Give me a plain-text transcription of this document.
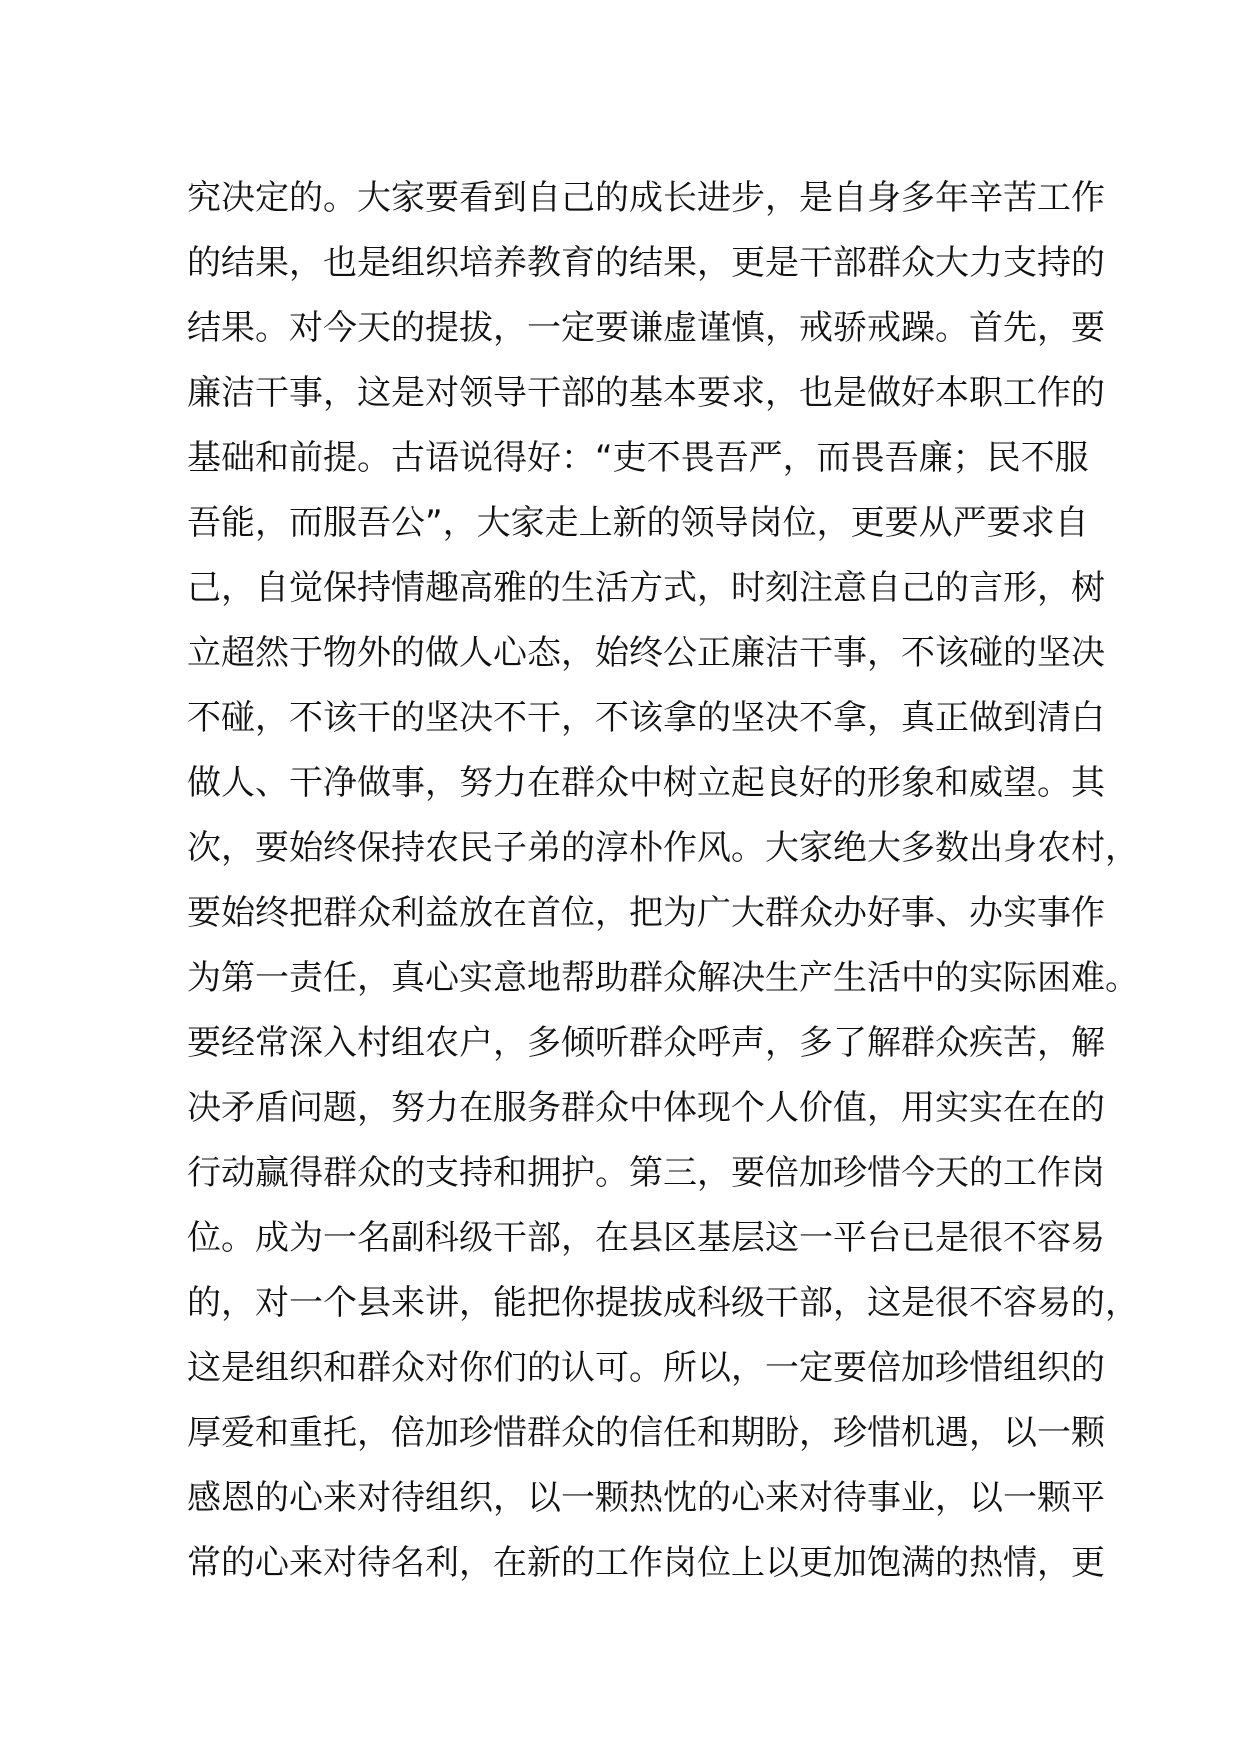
究决定的。大家要看到自己的成长进步，是自身多年辛苦工作
的结果，也是组织培养教育的结果，更是干部群众大力支持的
结果。对今天的提拔，一定要谦虚谨慎，戒骄戒躁。首先，要
廉洁干事，这是对领导干部的基本要求，也是做好本职工作的
基础和前提。古语说得好：“吏不畏吾严，而畏吾廉；民不服
吾能，而服吾公”，大家走上新的领导岗位，更要从严要求自
己，自觉保持情趣高雅的生活方式，时刻注意自己的言形，树
立超然于物外的做人心态，始终公正廉洁干事，不该碰的坚决
不碰，不该干的坚决不干，不该拿的坚决不拿，真正做到清白
做人、干净做事，努力在群众中树立起良好的形象和威望。其
次，要始终保持农民子弟的淳朴作风。大家绝大多数出身农村，
要始终把群众利益放在首位，把为广大群众办好事、办实事作
为第一责任，真心实意地帮助群众解决生产生活中的实际困难。
要经常深入村组农户，多倾听群众呼声，多了解群众疾苦，解
决矛盾问题，努力在服务群众中体现个人价值，用实实在在的
行动赢得群众的支持和拥护。第三，要倍加珍惜今天的工作岗
位。成为一名副科级干部，在县区基层这一平台已是很不容易
的，对一个县来讲，能把你提拔成科级干部，这是很不容易的，
这是组织和群众对你们的认可。所以，一定要倍加珍惜组织的
厚爱和重托，倍加珍惜群众的信任和期盼，珍惜机遇，以一颗
感恩的心来对待组织，以一颗热忱的心来对待事业，以一颗平
常的心来对待名利，在新的工作岗位上以更加饱满的热情，更
